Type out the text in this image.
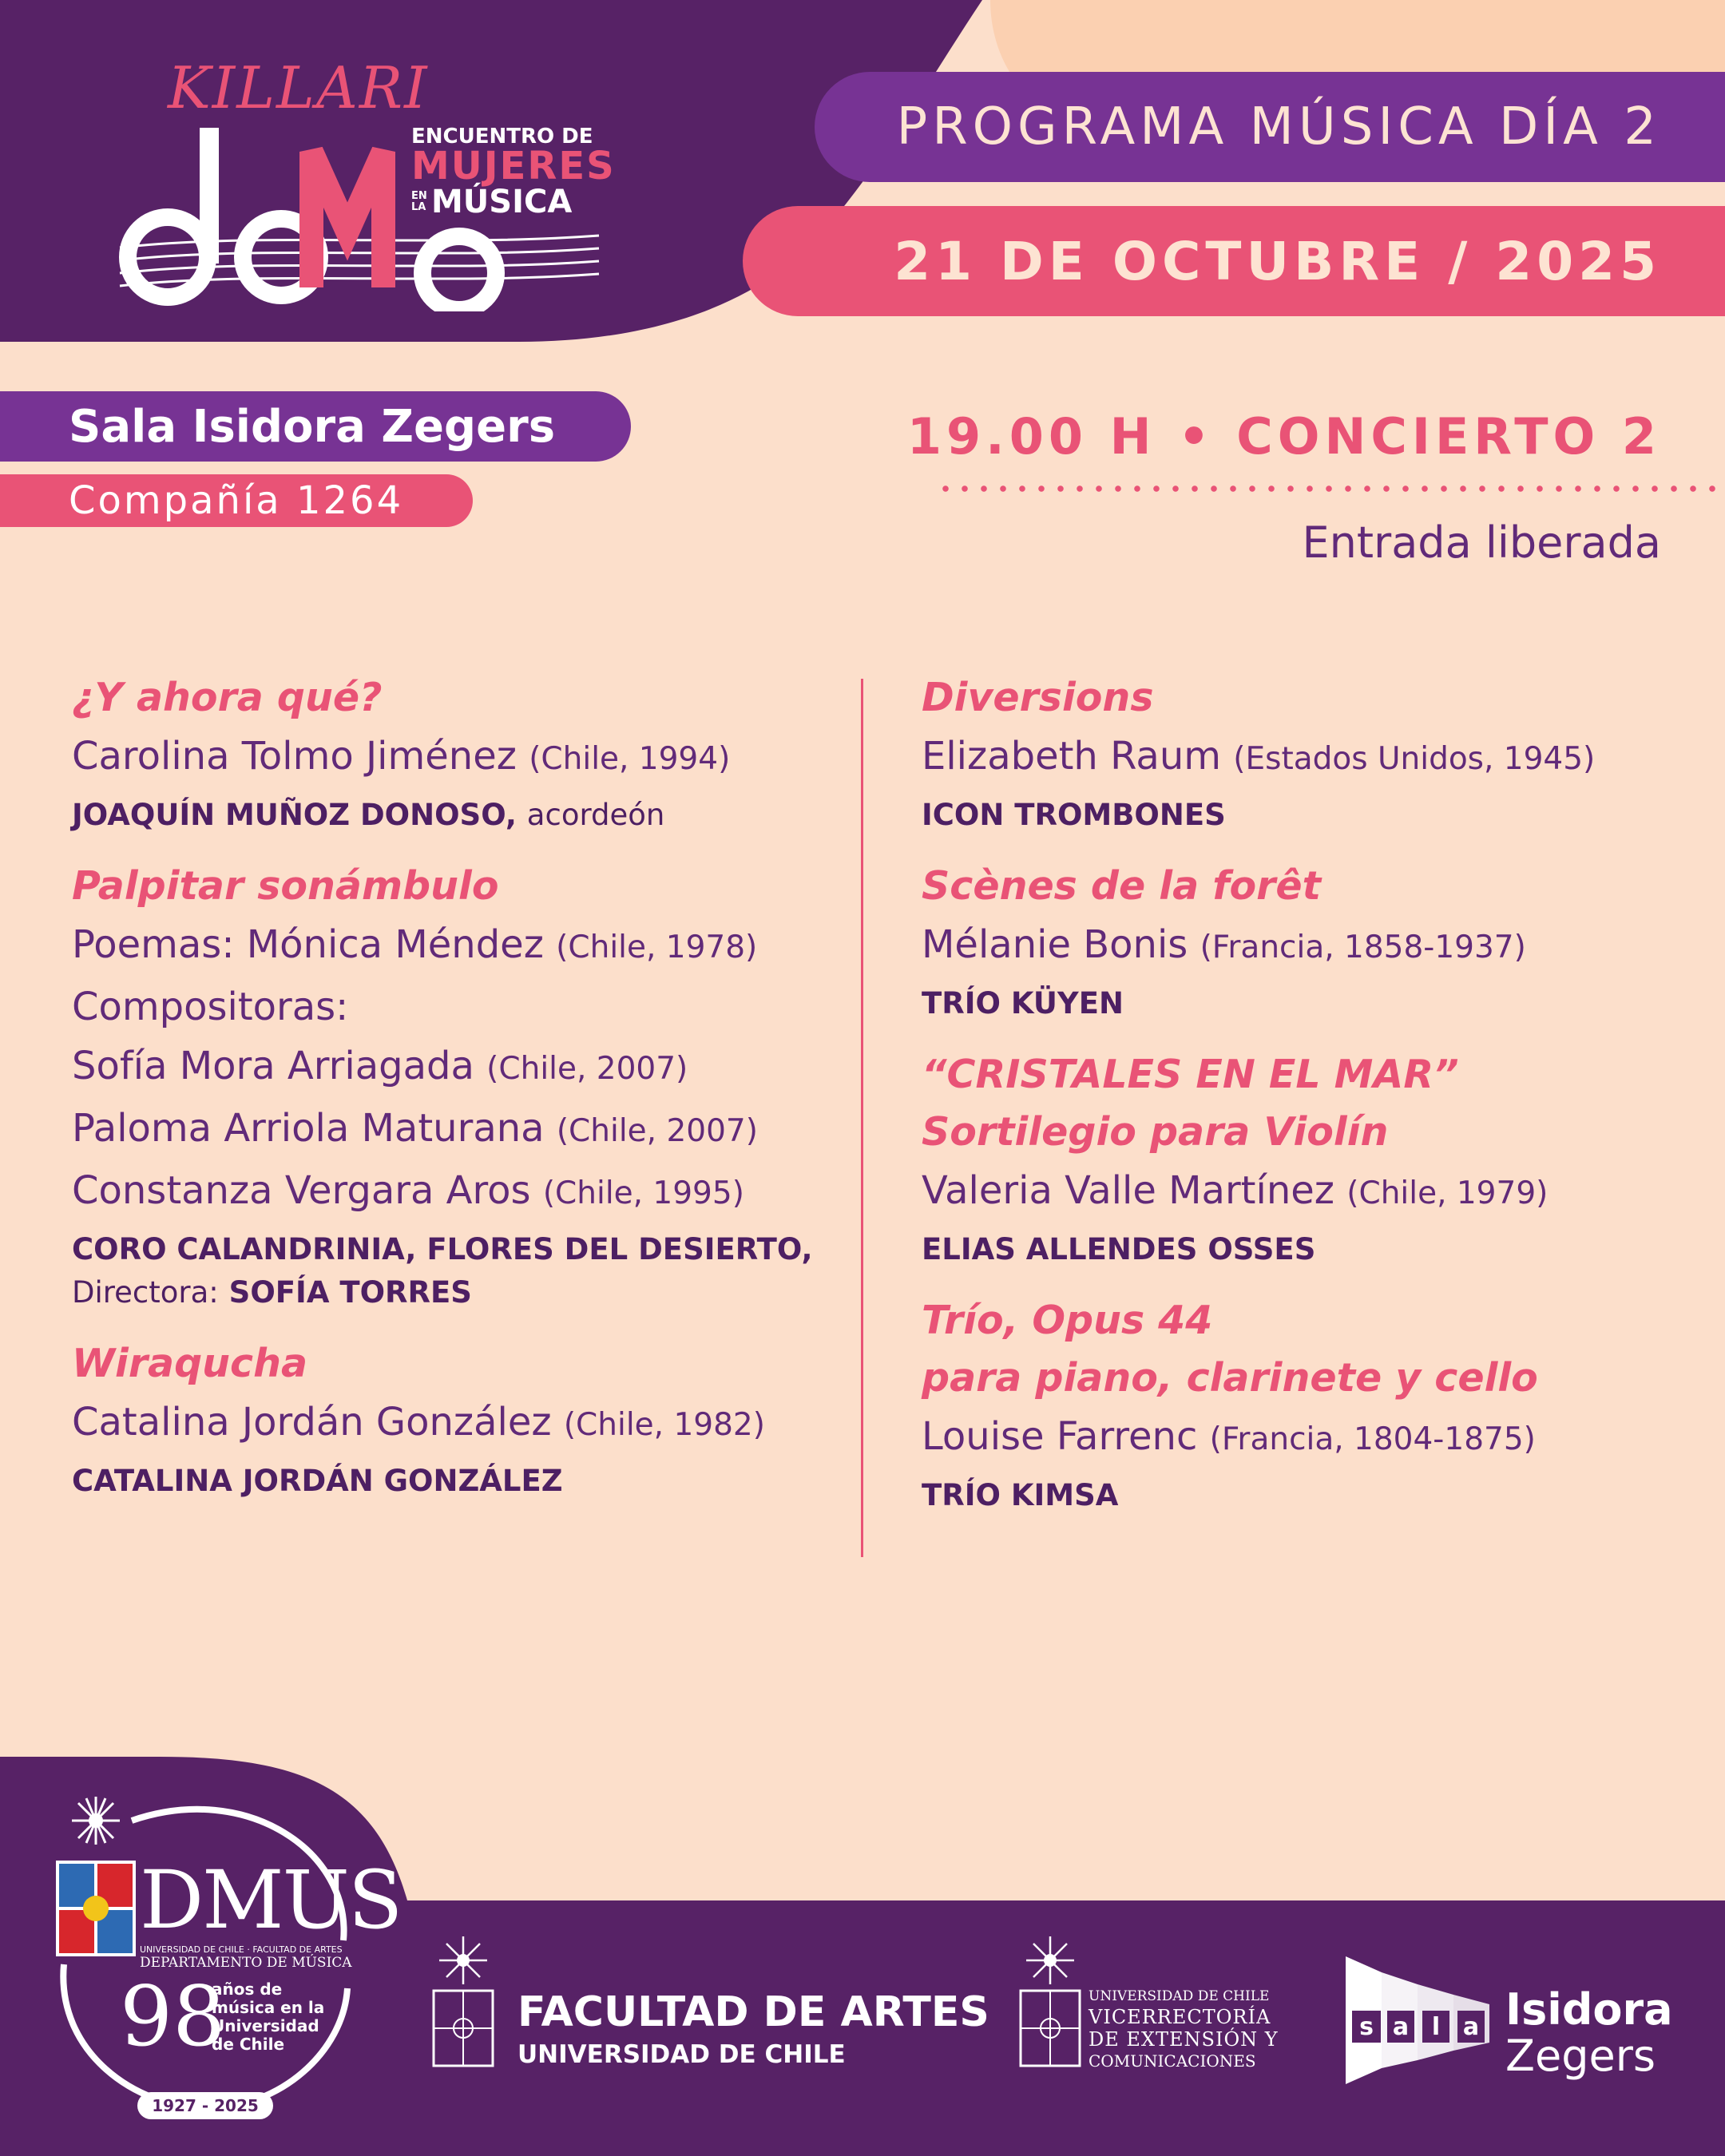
KILLARI
ENCUENTRO DE
MUJERES
EN
LA MÚSICA
PROGRAMA MÚSICA DÍA 2
21 DE OCTUBRE / 2025
Sala Isidora Zegers
Compañía 1264
19.00 H • CONCIERTO 2
Entrada liberada
¿Y ahora qué?
Carolina Tolmo Jiménez (Chile, 1994)
JOAQUÍN MUÑOZ DONOSO, acordeón
Palpitar sonámbulo
Poemas: Mónica Méndez (Chile, 1978)
Compositoras:
Sofía Mora Arriagada (Chile, 2007)
Paloma Arriola Maturana (Chile, 2007)
Constanza Vergara Aros (Chile, 1995)
CORO CALANDRINIA, FLORES DEL DESIERTO,
Directora: SOFÍA TORRES
Wiraqucha
Catalina Jordán González (Chile, 1982)
CATALINA JORDÁN GONZÁLEZ
Diversions
Elizabeth Raum (Estados Unidos, 1945)
ICON TROMBONES
Scènes de la forêt
Mélanie Bonis (Francia, 1858-1937)
TRÍO KÜYEN
“CRISTALES EN EL MAR”
Sortilegio para Violín
Valeria Valle Martínez (Chile, 1979)
ELIAS ALLENDES OSSES
Trío, Opus 44
para piano, clarinete y cello
Louise Farrenc (Francia, 1804-1875)
TRÍO KIMSA
DMUS
UNIVERSIDAD DE CHILE · FACULTAD DE ARTES
DEPARTAMENTO DE MÚSICA
98
años de
música en la
Universidad
de Chile
1927 - 2025
FACULTAD DE ARTES
UNIVERSIDAD DE CHILE
UNIVERSIDAD DE CHILE
VICERRECTORÍA
DE EXTENSIÓN Y
COMUNICACIONES
s a l a Isidora
Zegers
